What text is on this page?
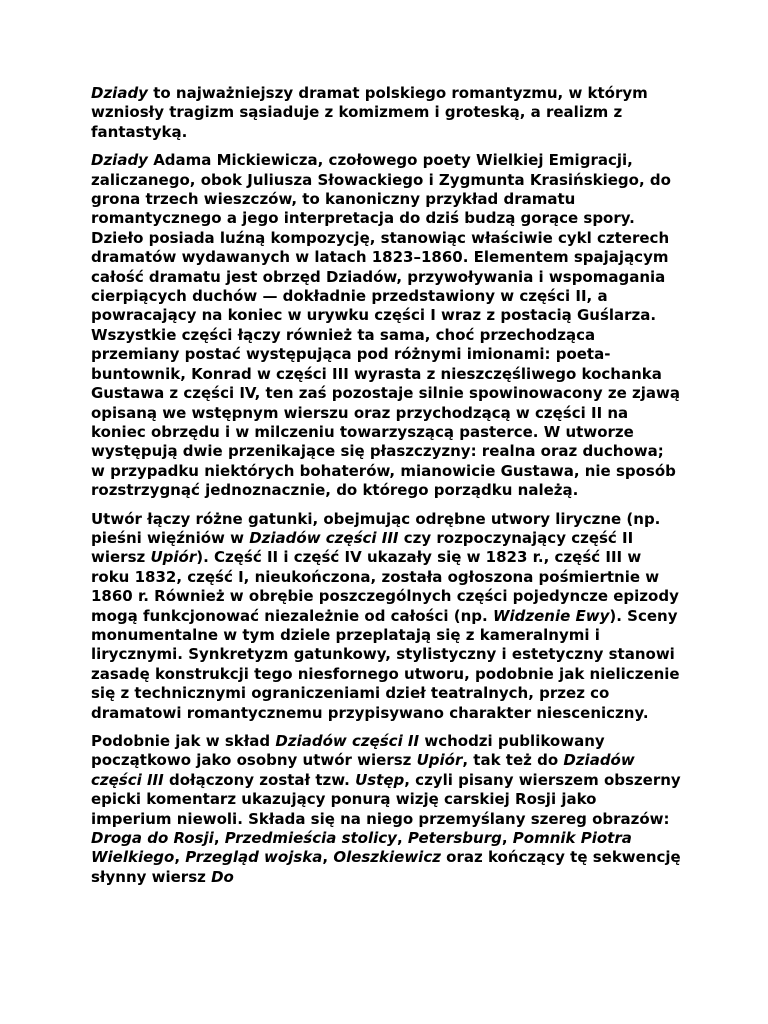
Dziady to najważniejszy dramat polskiego romantyzmu, w którym wzniosły tragizm sąsiaduje z komizmem i groteską, a realizm z fantastyką.

Dziady Adama Mickiewicza, czołowego poety Wielkiej Emigracji, zaliczanego, obok Juliusza Słowackiego i Zygmunta Krasińskiego, do grona trzech wieszczów, to kanoniczny przykład dramatu romantycznego a jego interpretacja do dziś budzą gorące spory. Dzieło posiada luźną kompozycję, stanowiąc właściwie cykl czterech dramatów wydawanych w latach 1823–1860. Elementem spajającym całość dramatu jest obrzęd Dziadów, przywoływania i wspomagania cierpiących duchów — dokładnie przedstawiony w części II, a powracający na koniec w urywku części I wraz z postacią Guślarza. Wszystkie części łączy również ta sama, choć przechodząca przemiany postać występująca pod różnymi imionami: poeta-buntownik, Konrad w części III wyrasta z nieszczęśliwego kochanka Gustawa z części IV, ten zaś pozostaje silnie spowinowacony ze zjawą opisaną we wstępnym wierszu oraz przychodzącą w części II na koniec obrzędu i w milczeniu towarzyszącą pasterce. W utworze występują dwie przenikające się płaszczyzny: realna oraz duchowa; w przypadku niektórych bohaterów, mianowicie Gustawa, nie sposób rozstrzygnąć jednoznacznie, do którego porządku należą.

Utwór łączy różne gatunki, obejmując odrębne utwory liryczne (np. pieśni więźniów w Dziadów części III czy rozpoczynający część II wiersz Upiór). Część II i część IV ukazały się w 1823 r., część III w roku 1832, część I, nieukończona, została ogłoszona pośmiertnie w 1860 r. Również w obrębie poszczególnych części pojedyncze epizody mogą funkcjonować niezależnie od całości (np. Widzenie Ewy). Sceny monumentalne w tym dziele przeplatają się z kameralnymi i lirycznymi. Synkretyzm gatunkowy, stylistyczny i estetyczny stanowi zasadę konstrukcji tego niesfornego utworu, podobnie jak nieliczenie się z technicznymi ograniczeniami dzieł teatralnych, przez co dramatowi romantycznemu przypisywano charakter niesceniczny.

Podobnie jak w skład Dziadów części II wchodzi publikowany początkowo jako osobny utwór wiersz Upiór, tak też do Dziadów części III dołączony został tzw. Ustęp, czyli pisany wierszem obszerny epicki komentarz ukazujący ponurą wizję carskiej Rosji jako imperium niewoli. Składa się na niego przemyślany szereg obrazów: Droga do Rosji, Przedmieścia stolicy, Petersburg, Pomnik Piotra Wielkiego, Przegląd wojska, Oleszkiewicz oraz kończący tę sekwencję słynny wiersz Do
